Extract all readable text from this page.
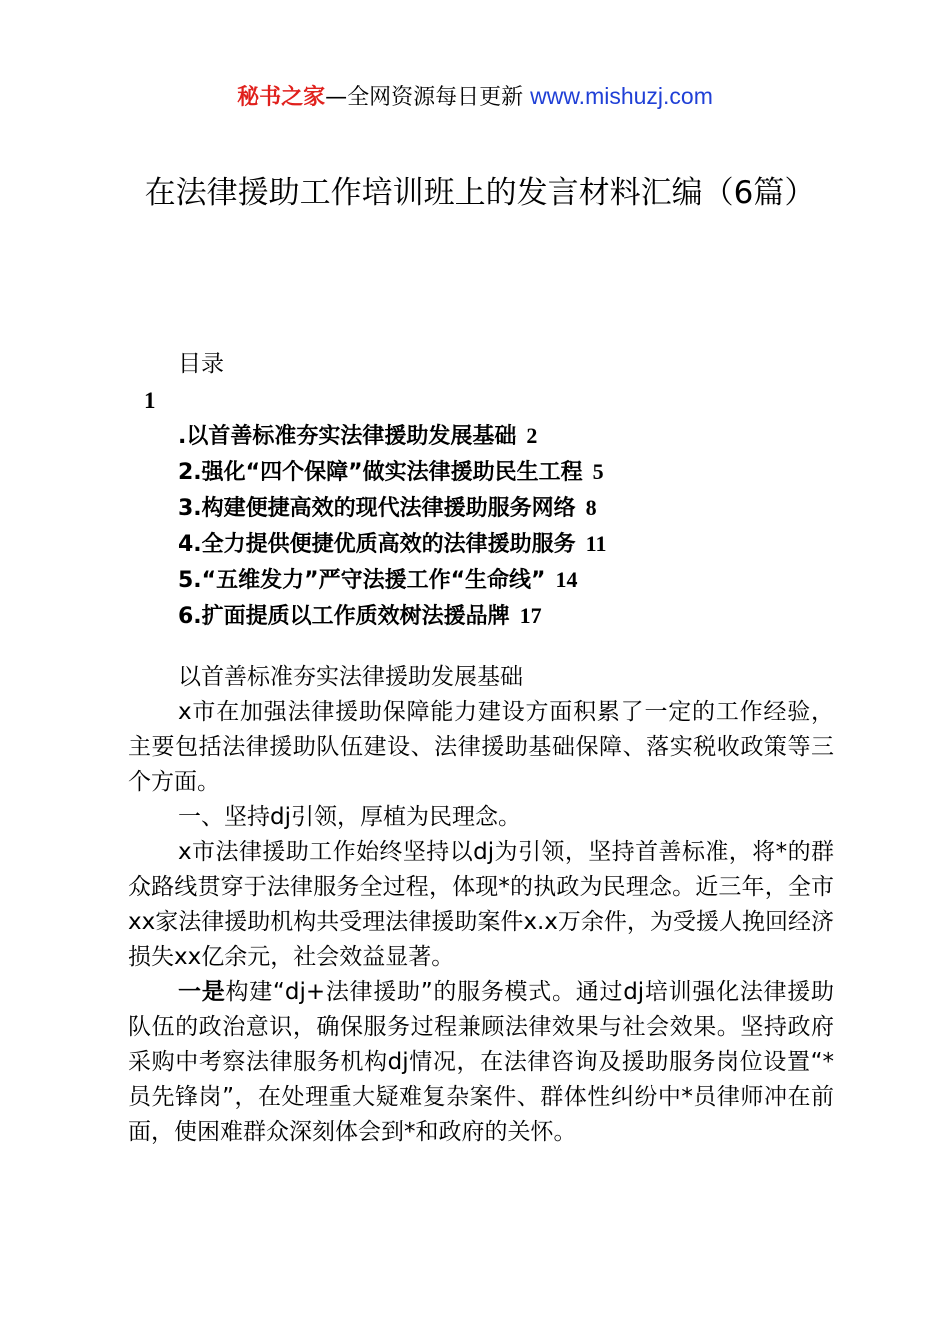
秘书之家—全网资源每日更新 www.mishuzj.com
在法律援助工作培训班上的发言材料汇编（6篇）
目录
1
.以首善标准夯实法律援助发展基础 2
2.强化“四个保障”做实法律援助民生工程 5
3.构建便捷高效的现代法律援助服务网络 8
4.全力提供便捷优质高效的法律援助服务 11
5.“五维发力”严守法援工作“生命线” 14
6.扩面提质以工作质效树法援品牌 17

以首善标准夯实法律援助发展基础

x市在加强法律援助保障能力建设方面积累了一定的工作经验，主要包括法律援助队伍建设、法律援助基础保障、落实税收政策等三个方面。

一、坚持dj引领，厚植为民理念。

x市法律援助工作始终坚持以dj为引领，坚持首善标准，将*的群众路线贯穿于法律服务全过程，体现*的执政为民理念。近三年，全市xx家法律援助机构共受理法律援助案件x.x万余件，为受援人挽回经济损失xx亿余元，社会效益显著。

一是构建“dj+法律援助”的服务模式。通过dj培训强化法律援助队伍的政治意识，确保服务过程兼顾法律效果与社会效果。坚持政府采购中考察法律服务机构dj情况，在法律咨询及援助服务岗位设置“*员先锋岗”，在处理重大疑难复杂案件、群体性纠纷中*员律师冲在前面，使困难群众深刻体会到*和政府的关怀。
